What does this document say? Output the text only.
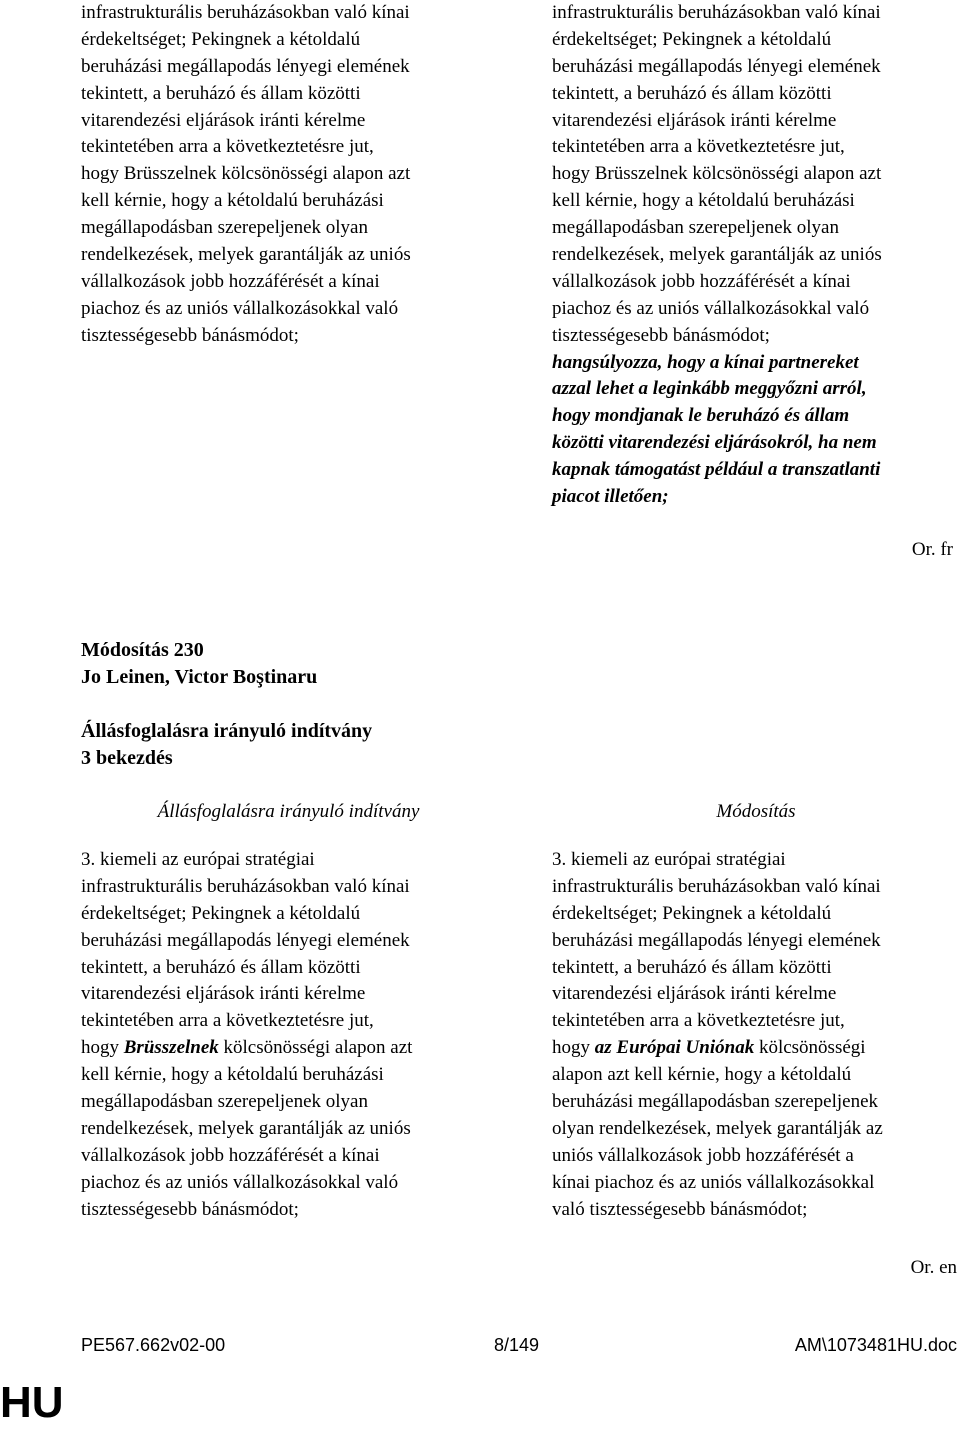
infrastrukturális beruházásokban való kínai
érdekeltséget; Pekingnek a kétoldalú
beruházási megállapodás lényegi elemének
tekintett, a beruházó és állam közötti
vitarendezési eljárások iránti kérelme
tekintetében arra a következtetésre jut,
hogy Brüsszelnek kölcsönösségi alapon azt
kell kérnie, hogy a kétoldalú beruházási
megállapodásban szerepeljenek olyan
rendelkezések, melyek garantálják az uniós
vállalkozások jobb hozzáférését a kínai
piachoz és az uniós vállalkozásokkal való
tisztességesebb bánásmódot;
infrastrukturális beruházásokban való kínai
érdekeltséget; Pekingnek a kétoldalú
beruházási megállapodás lényegi elemének
tekintett, a beruházó és állam közötti
vitarendezési eljárások iránti kérelme
tekintetében arra a következtetésre jut,
hogy Brüsszelnek kölcsönösségi alapon azt
kell kérnie, hogy a kétoldalú beruházási
megállapodásban szerepeljenek olyan
rendelkezések, melyek garantálják az uniós
vállalkozások jobb hozzáférését a kínai
piachoz és az uniós vállalkozásokkal való
tisztességesebb bánásmódot;
hangsúlyozza, hogy a kínai partnereket
azzal lehet a leginkább meggyőzni arról,
hogy mondjanak le beruházó és állam
közötti vitarendezési eljárásokról, ha nem
kapnak támogatást például a transzatlanti
piacot illetően;
Or. fr
Módosítás 230
Jo Leinen, Victor Boştinaru
Állásfoglalásra irányuló indítvány
3 bekezdés
Állásfoglalásra irányuló indítvány	Módosítás
3. kiemeli az európai stratégiai
infrastrukturális beruházásokban való kínai
érdekeltséget; Pekingnek a kétoldalú
beruházási megállapodás lényegi elemének
tekintett, a beruházó és állam közötti
vitarendezési eljárások iránti kérelme
tekintetében arra a következtetésre jut,
hogy Brüsszelnek kölcsönösségi alapon azt
kell kérnie, hogy a kétoldalú beruházási
megállapodásban szerepeljenek olyan
rendelkezések, melyek garantálják az uniós
vállalkozások jobb hozzáférését a kínai
piachoz és az uniós vállalkozásokkal való
tisztességesebb bánásmódot;
3. kiemeli az európai stratégiai
infrastrukturális beruházásokban való kínai
érdekeltséget; Pekingnek a kétoldalú
beruházási megállapodás lényegi elemének
tekintett, a beruházó és állam közötti
vitarendezési eljárások iránti kérelme
tekintetében arra a következtetésre jut,
hogy az Európai Uniónak kölcsönösségi
alapon azt kell kérnie, hogy a kétoldalú
beruházási megállapodásban szerepeljenek
olyan rendelkezések, melyek garantálják az
uniós vállalkozások jobb hozzáférését a
kínai piachoz és az uniós vállalkozásokkal
való tisztességesebb bánásmódot;
Or. en
PE567.662v02-00	8/149	AM\1073481HU.doc
HU
